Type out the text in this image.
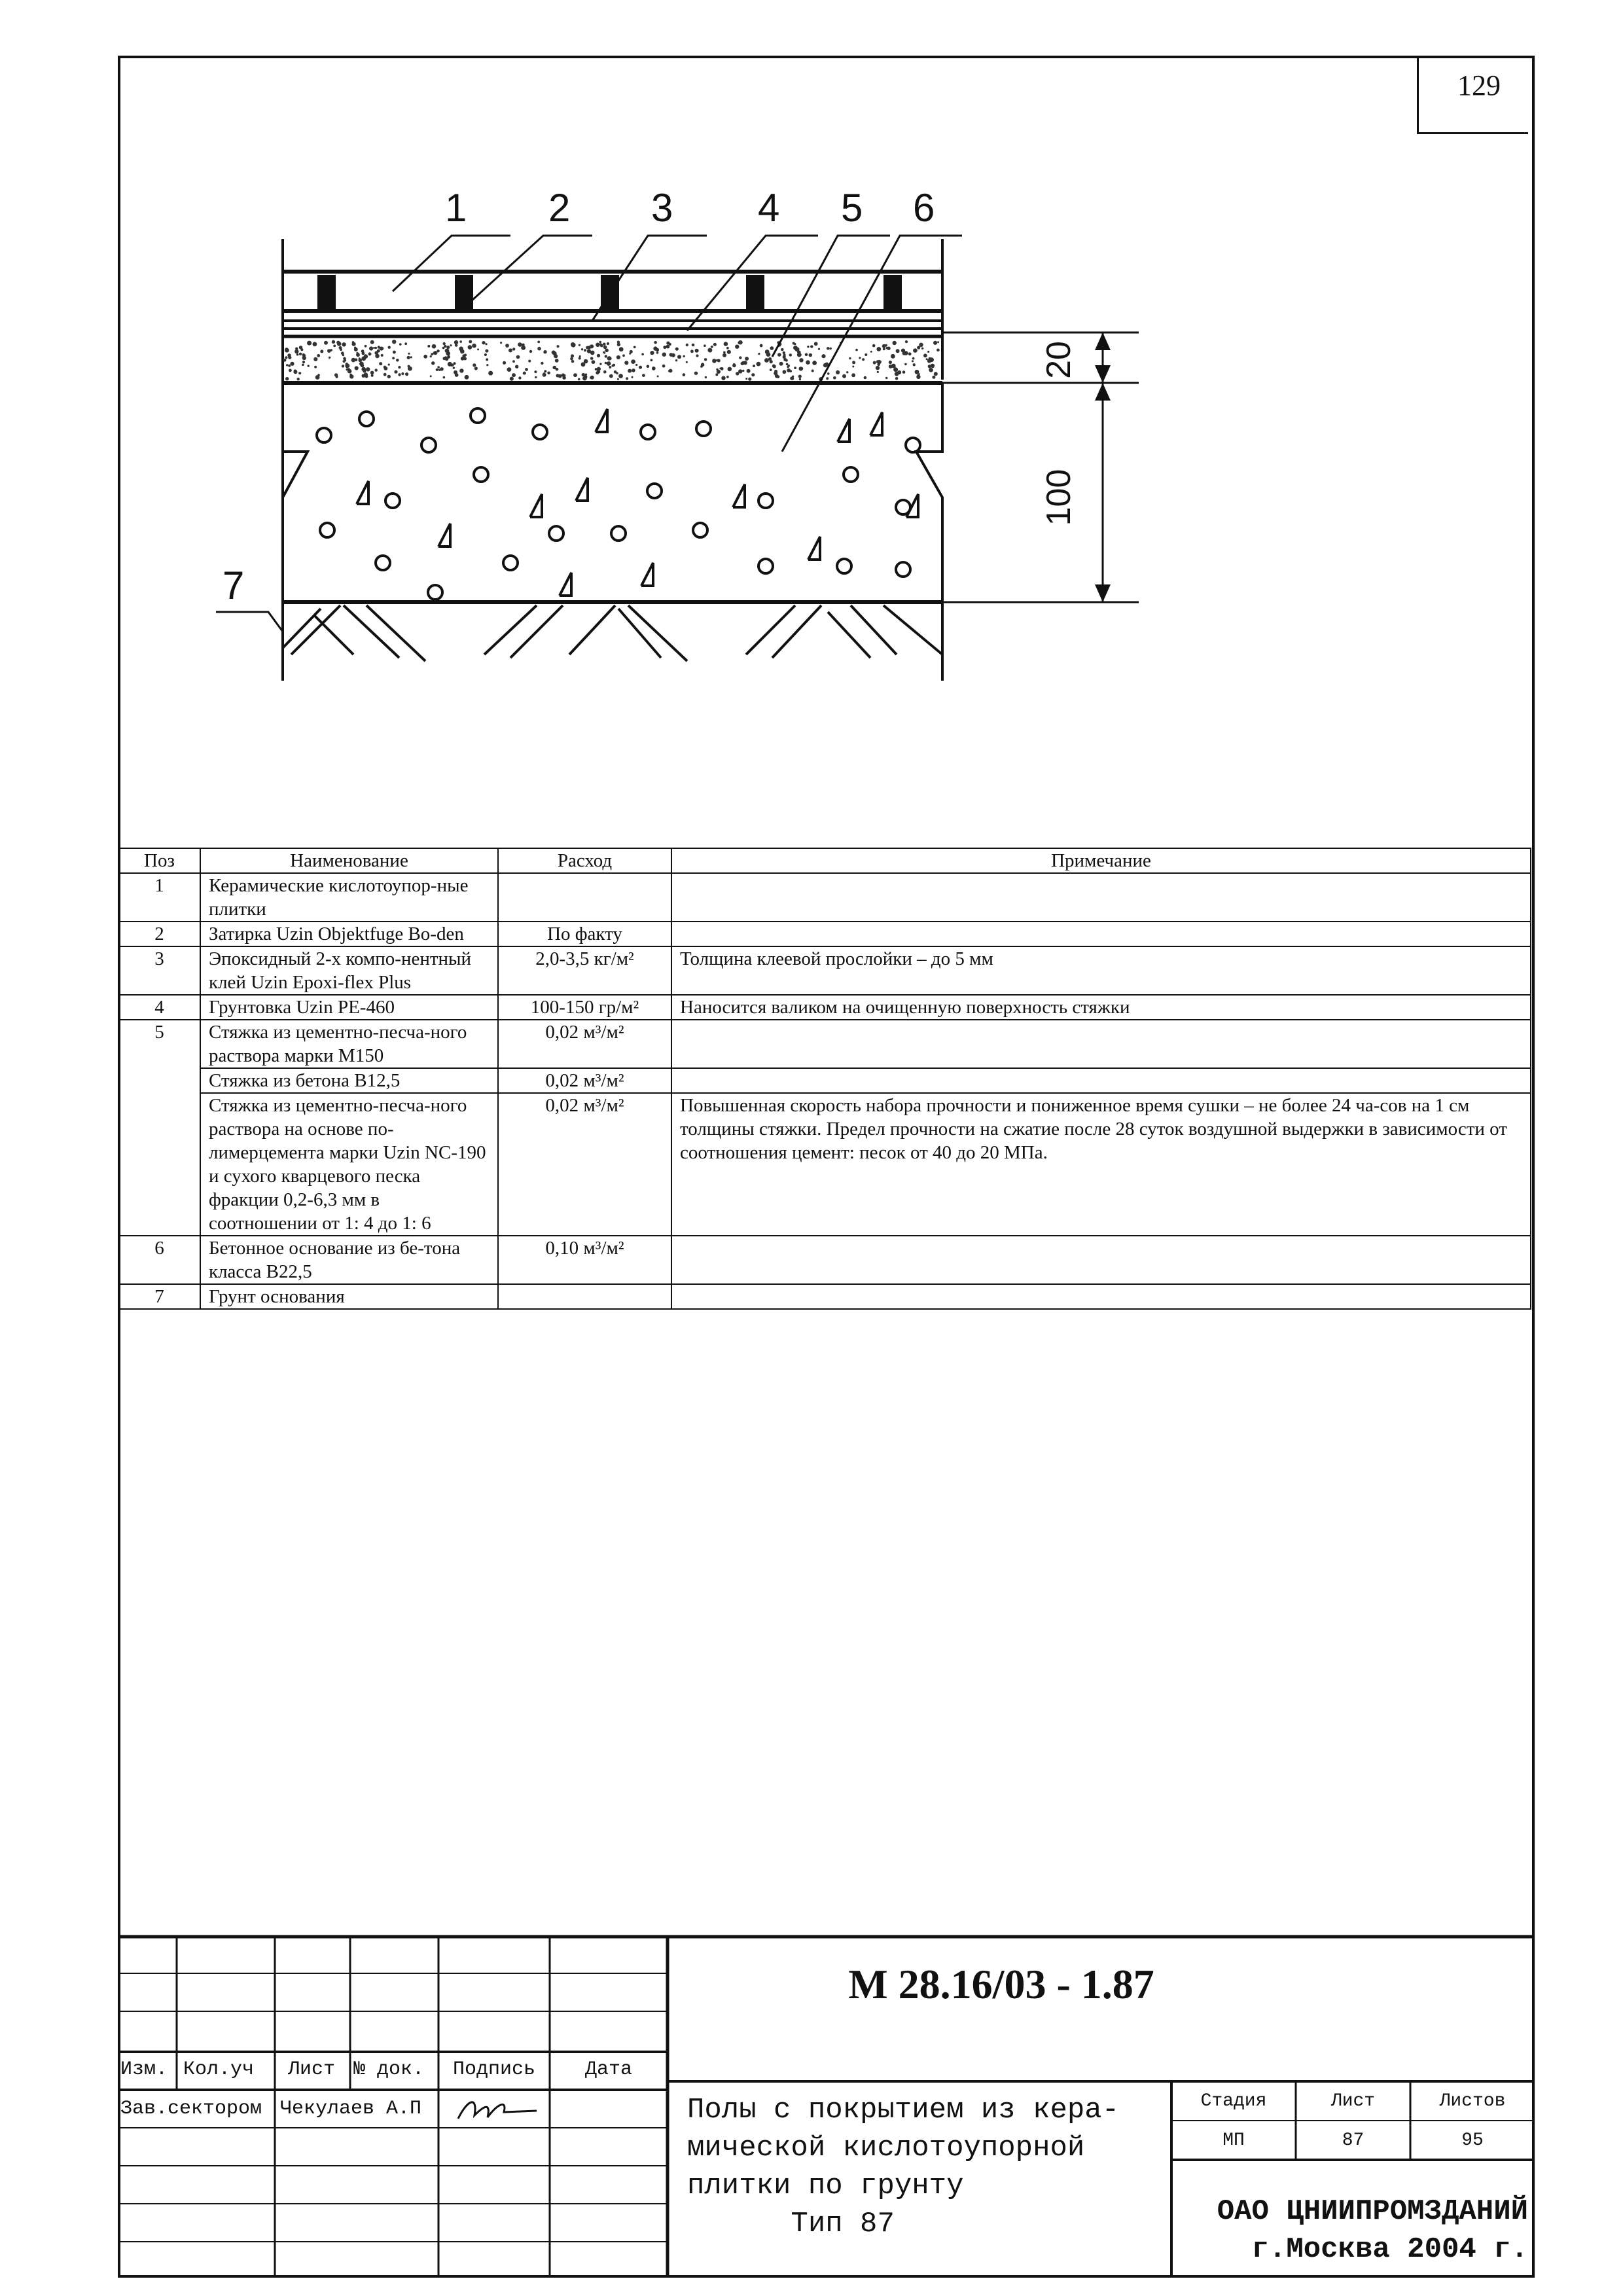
129
1 2 3 4 5 6
7
20
100
Поз	Наименование	Расход	Примечание
1	Керамические кислотоупор-ные плитки		
2	Затирка Uzin Objektfuge Bo-den	По факту	
3	Эпоксидный 2-х компо-нентный клей Uzin Epoxi-flex Plus	2,0-3,5 кг/м²	Толщина клеевой прослойки – до 5 мм
4	Грунтовка Uzin PE-460	100-150 гр/м²	Наносится валиком на очищенную поверхность стяжки
5	Стяжка из цементно-песча-ного раствора марки М150	0,02 м³/м²	
	Стяжка из бетона В12,5	0,02 м³/м²	
	Стяжка из цементно-песча-ного раствора на основе по-лимерцемента марки Uzin NC-190 и сухого кварцевого песка фракции 0,2-6,3 мм в соотношении от 1: 4 до 1: 6	0,02 м³/м²	Повышенная скорость набора прочности и пониженное время сушки – не более 24 ча-сов на 1 см толщины стяжки. Предел прочности на сжатие после 28 суток воздушной выдержки в зависимости от соотношения цемент: песок от 40 до 20 МПа.
6	Бетонное основание из бе-тона класса В22,5	0,10 м³/м²	
7	Грунт основания		
М 28.16/03 - 1.87
Изм. Кол.уч	Лист № док.	Подпись	Дата
Зав.сектором Чекулаев А.П	Полы с покрытием из кера-
мической кислотоупорной
плитки по грунту
Тип 87
Стадия	Лист	Листов
МП	87	95
ОАО ЦНИИПРОМЗДАНИЙ
г.Москва 2004 г.
